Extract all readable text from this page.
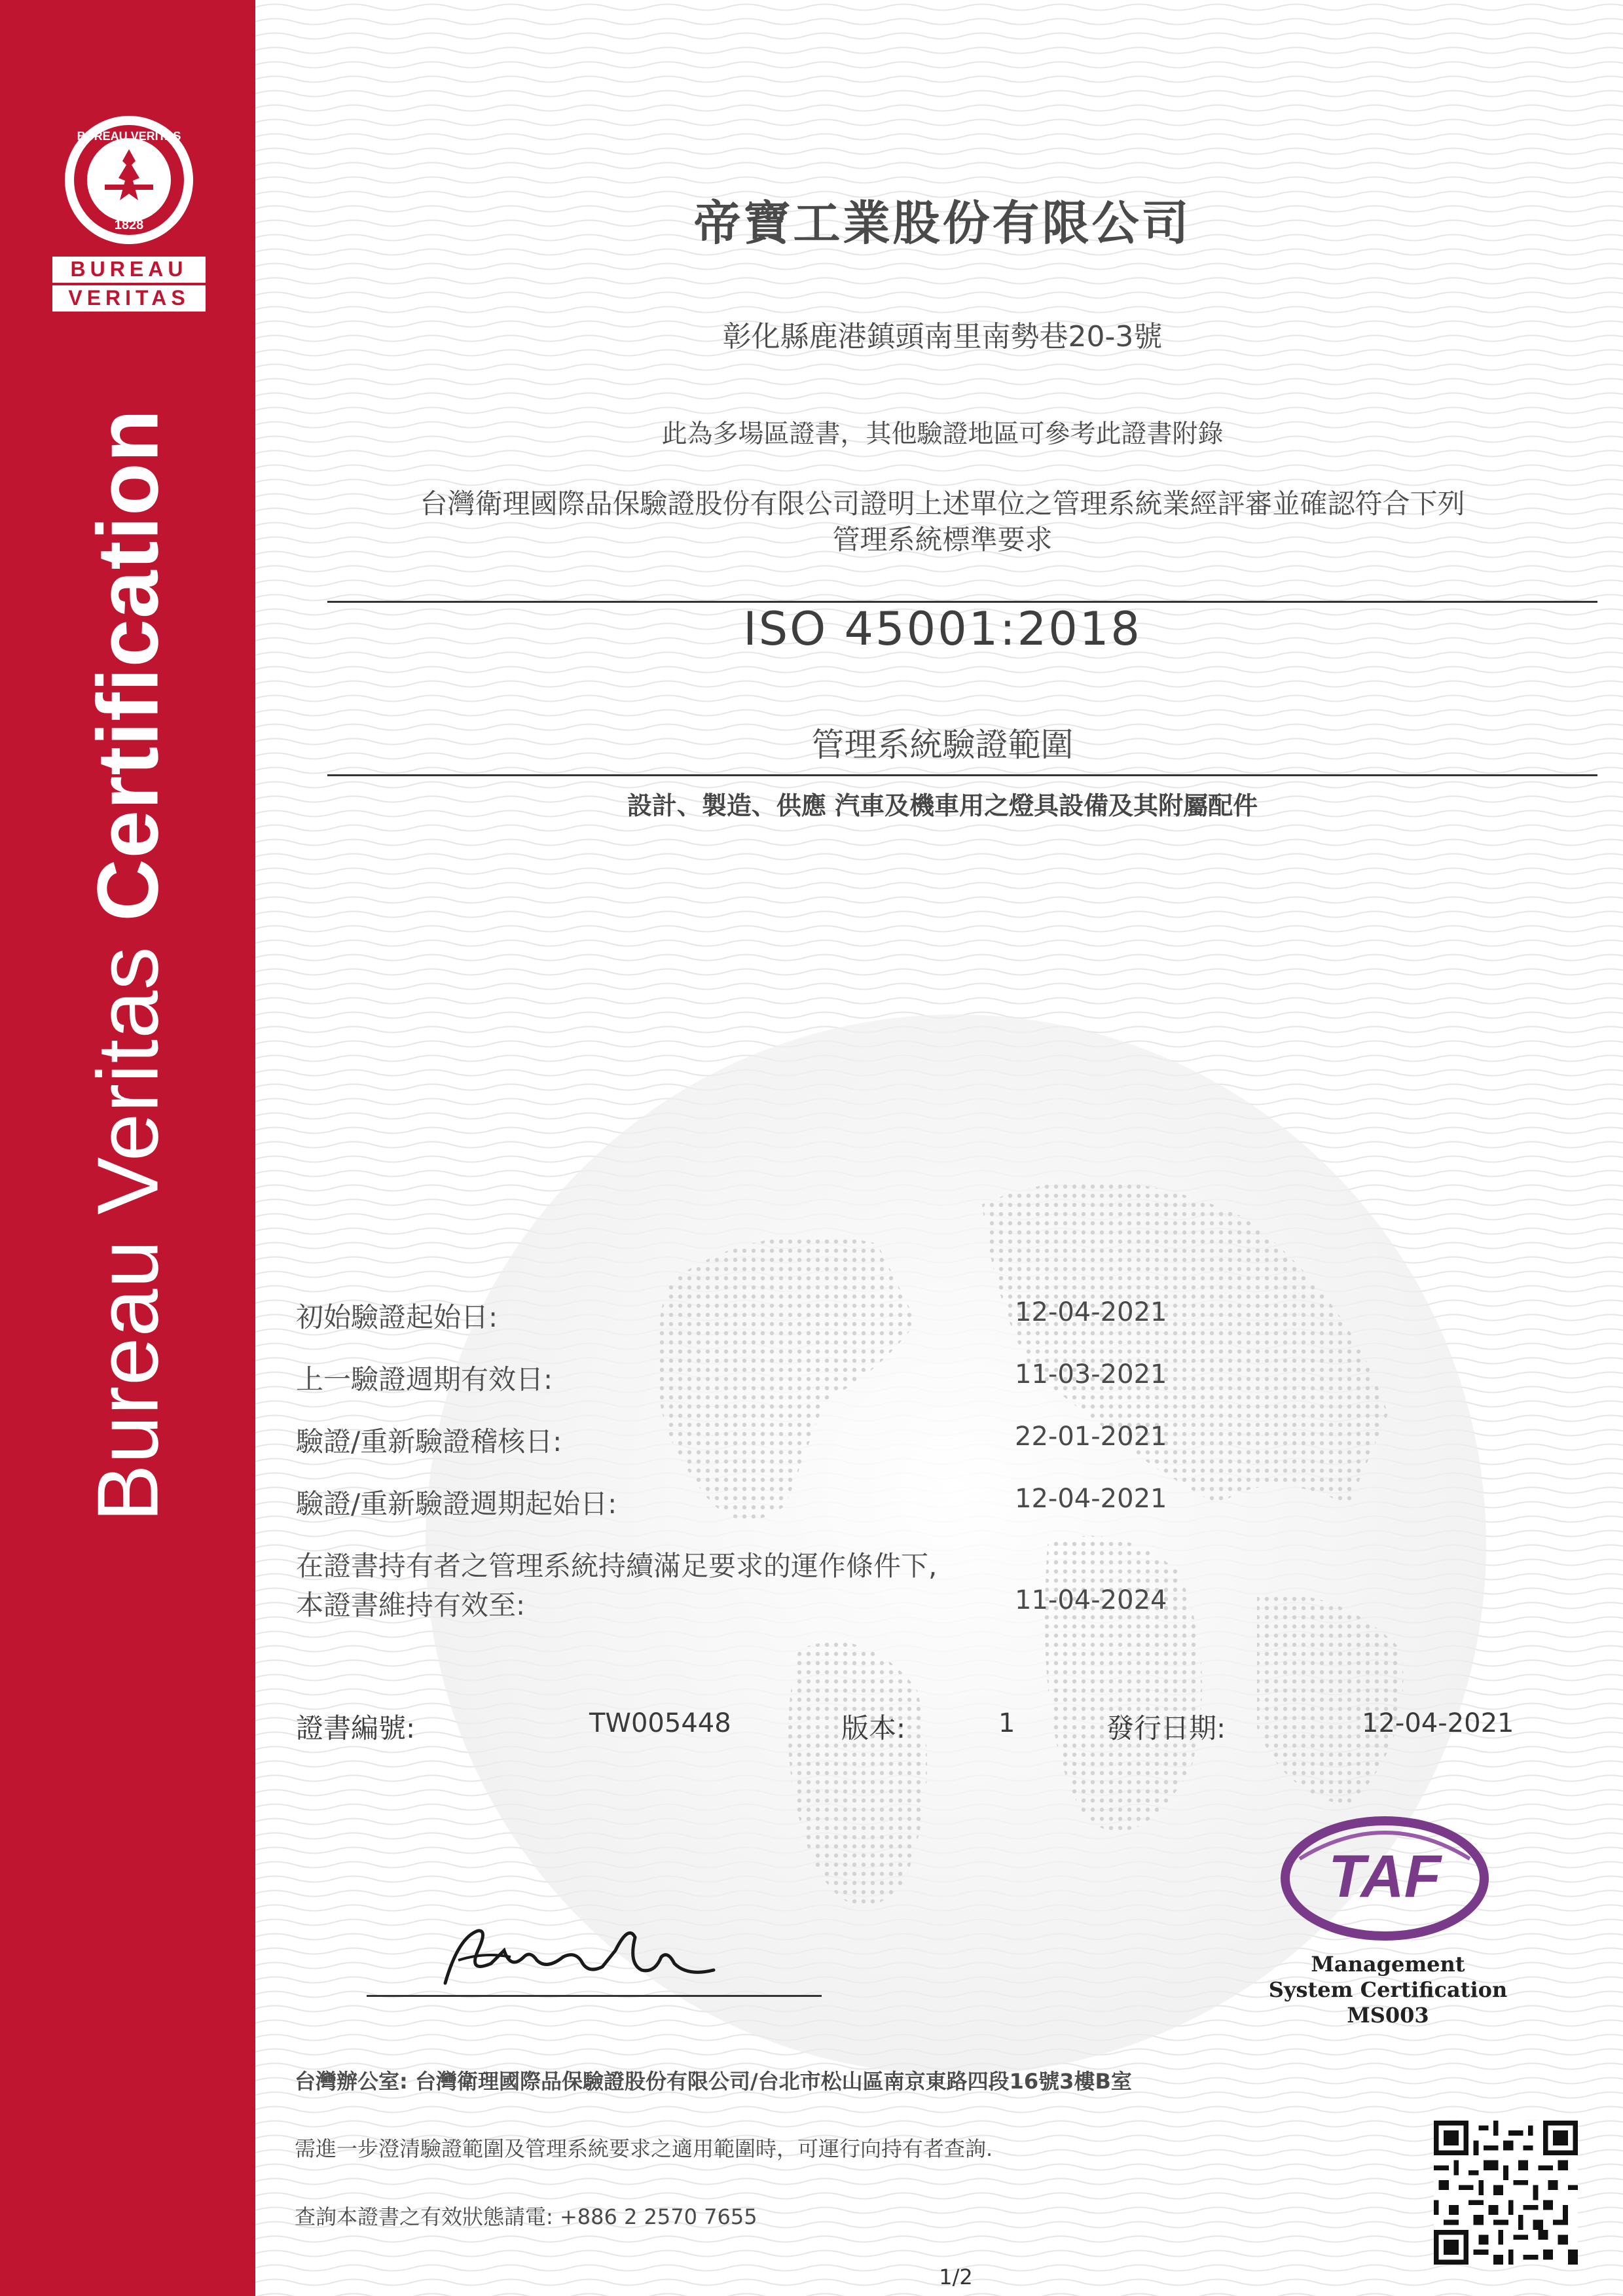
BUREAU VERITAS
1828
BUREAU
VERITAS
Bureau Veritas Certification
帝寶工業股份有限公司
彰化縣鹿港鎮頭南里南勢巷20-3號
此為多場區證書，其他驗證地區可參考此證書附錄
台灣衛理國際品保驗證股份有限公司證明上述單位之管理系統業經評審並確認符合下列
管理系統標準要求
ISO 45001:2018
管理系統驗證範圍
設計、製造、供應 汽車及機車用之燈具設備及其附屬配件
初始驗證起始日:	12-04-2021
上一驗證週期有效日:	11-03-2021
驗證/重新驗證稽核日:	22-01-2021
驗證/重新驗證週期起始日:	12-04-2021
在證書持有者之管理系統持續滿足要求的運作條件下,
本證書維持有效至:	11-04-2024
證書編號:	TW005448	版本:	1	發行日期:	12-04-2021
TAF
Management
System Certification
MS003
台灣辦公室: 台灣衛理國際品保驗證股份有限公司/台北市松山區南京東路四段16號3樓B室
需進一步澄清驗證範圍及管理系統要求之適用範圍時，可運行向持有者查詢.
查詢本證書之有效狀態請電: +886 2 2570 7655
1/2
